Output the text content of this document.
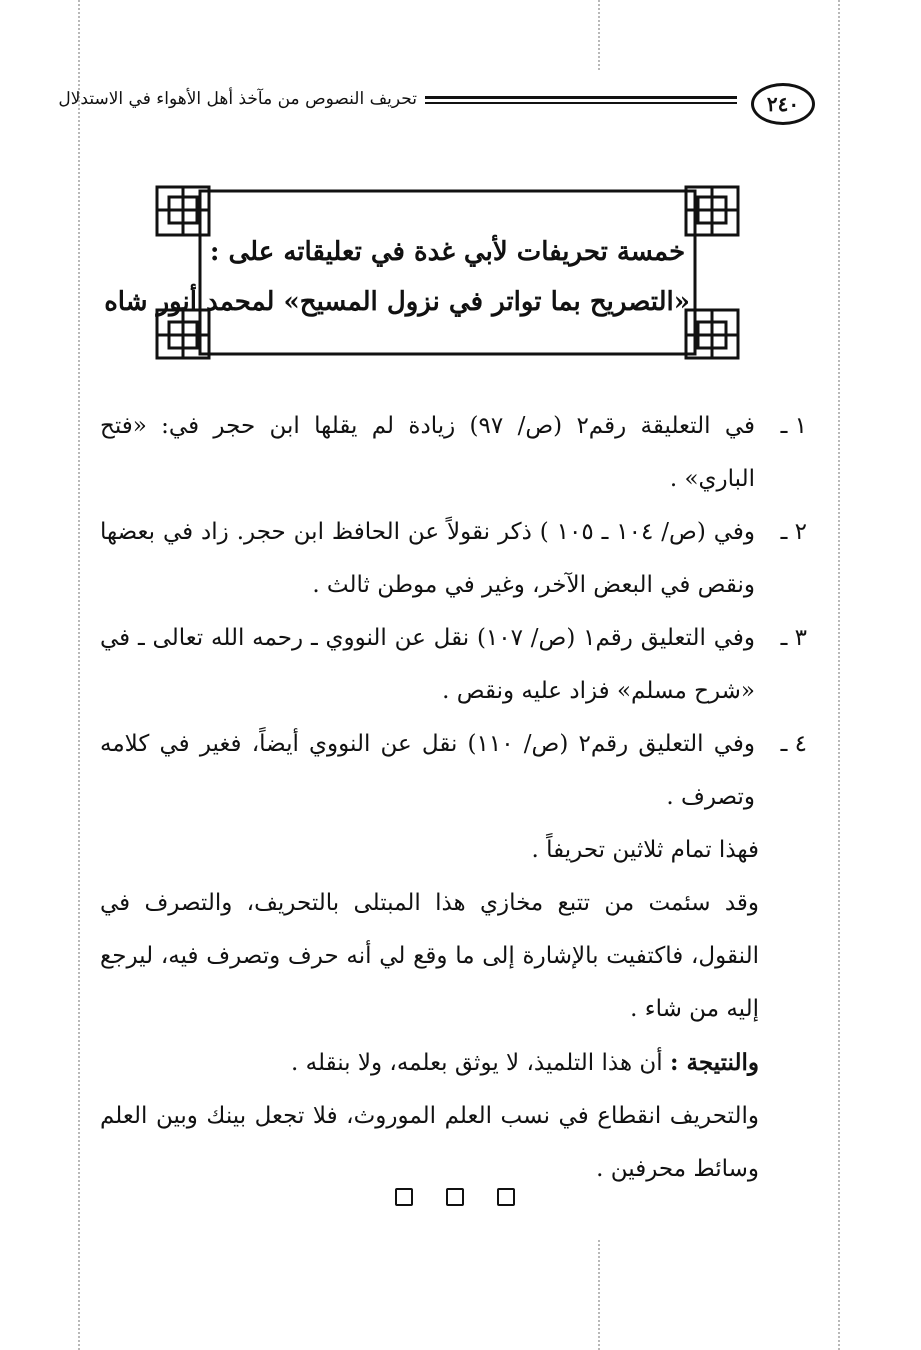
٢٤٠
تحريف النصوص من مآخذ أهل الأهواء في الاستدلال
خمسة تحريفات لأبي غدة في تعليقاته على :
«التصريح بما تواتر في نزول المسيح» لمحمد أنور شاه
١ ـ
في التعليقة رقم٢ (ص/ ٩٧) زيادة لم يقلها ابن حجر في: «فتح الباري» .
٢ ـ
وفي (ص/ ١٠٤ ـ ١٠٥ ) ذكر نقولاً عن الحافظ ابن حجر. زاد في بعضها ونقص في البعض الآخر، وغير في موطن ثالث .
٣ ـ
وفي التعليق رقم١ (ص/ ١٠٧) نقل عن النووي ـ رحمه الله تعالى ـ في «شرح مسلم» فزاد عليه ونقص .
٤ ـ
وفي التعليق رقم٢ (ص/ ١١٠) نقل عن النووي أيضاً، فغير في كلامه وتصرف .
فهذا تمام ثلاثين تحريفاً .
وقد سئمت من تتبع مخازي هذا المبتلى بالتحريف، والتصرف في النقول، فاكتفيت بالإشارة إلى ما وقع لي أنه حرف وتصرف فيه، ليرجع إليه من شاء .
والنتيجة : أن هذا التلميذ، لا يوثق بعلمه، ولا بنقله .
والتحريف انقطاع في نسب العلم الموروث، فلا تجعل بينك وبين العلم وسائط محرفين .
